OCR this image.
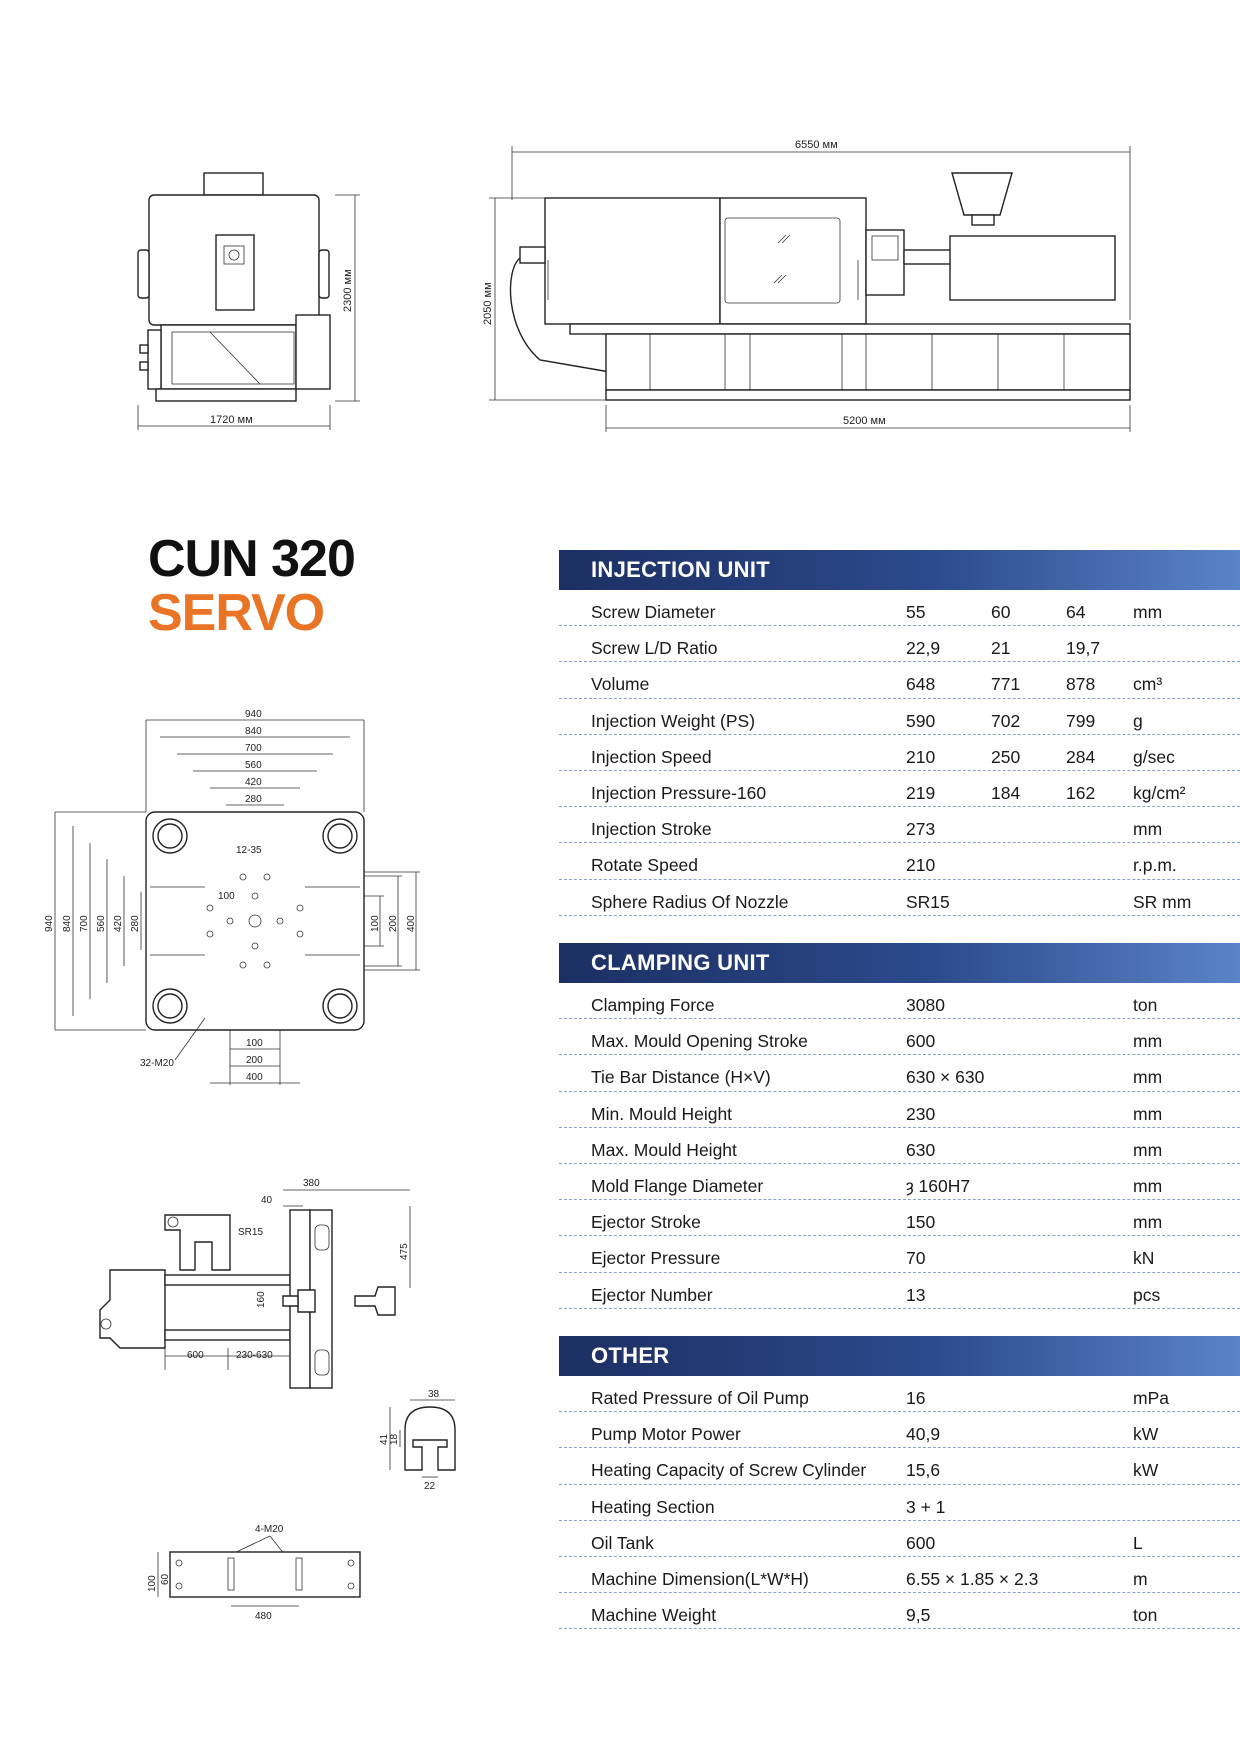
1720 мм
2300 мм
6550 мм
2050 мм
5200 мм
CUN 320
SERVO
940
840
700
560
420
280
940 840 700 560 420 280
12-35
100
100 200 400
100
200
400
32-M20
380
40
SR15
160
475
600	230-630
38
41 18
22
4-M20
100 60
480
INJECTION UNIT
Screw Diameter	55	60	64	mm
Screw L/D Ratio	22,9	21	19,7
Volume	648	771	878 cm³
Injection Weight (PS)	590	702	799 g
Injection Speed	210	250	284 g/sec
Injection Pressure-160	219	184	162 kg/cm²
Injection Stroke	273	mm
Rotate Speed	210	r.p.m.
Sphere Radius Of Nozzle	SR15	SR mm
CLAMPING UNIT
Clamping Force	3080	ton
Max. Mould Opening Stroke	600	mm
Tie Bar Distance (H×V)	630 × 630	mm
Min. Mould Height	230	mm
Max. Mould Height	630	mm
Mold Flange Diameter	ȝ 160H7	mm
Ejector Stroke	150	mm
Ejector Pressure	70	kN
Ejector Number	13	pcs
OTHER
Rated Pressure of Oil Pump	16	mPa
Pump Motor Power	40,9	kW
Heating Capacity of Screw Cylinder 15,6	kW
Heating Section	3 + 1
Oil Tank	600	L
Machine Dimension(L*W*H)	6.55 × 1.85 × 2.3	m
Machine Weight	9,5	ton
